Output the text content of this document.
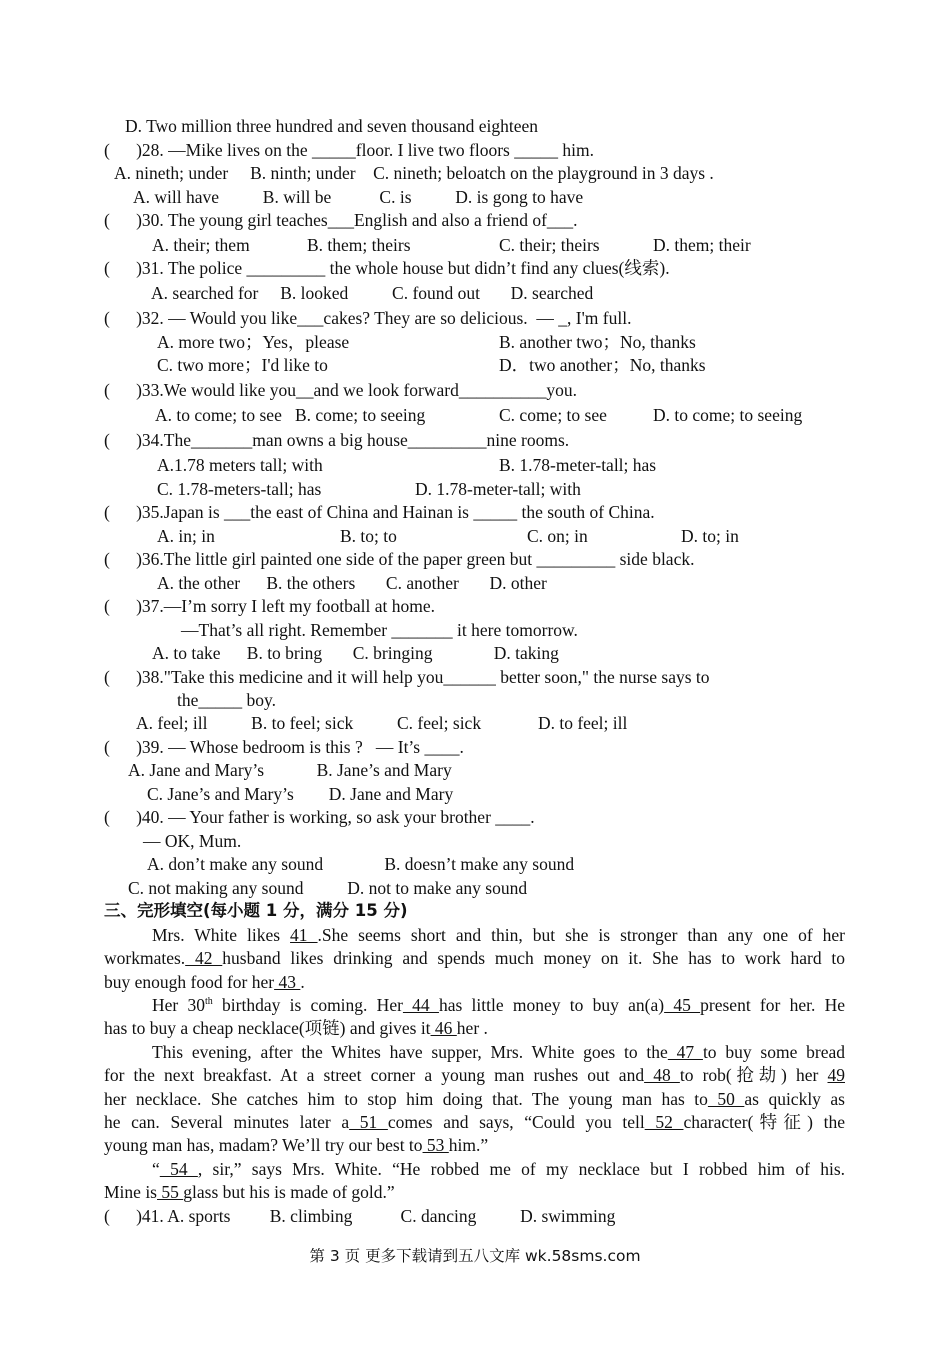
D. Two million three hundred and seven thousand eighteen
(      )28. —Mike lives on the _____floor. I live two floors _____ him.
A. nineth; under     B. ninth; under    C. nineth; beloatch on the playground in 3 days .
A. will have          B. will be           C. is          D. is gong to have
(      )30. The young girl teaches___English and also a friend of___.
A. their; them	B. them; theirs	C. their; theirs	D. them; their
(      )31. The police _________ the whole house but didn’t find any clues(线索).
A. searched for     B. looked          C. found out       D. searched
(      )32. — Would you like___cakes? They are so delicious.  — _, I'm full.
A. more two；Yes，please	B. another two；No, thanks
C. two more；I'd like to	D．two another；No, thanks
(      )33.We would like you__and we look forward__________you.
A. to come; to see   B. come; to seeing	C. come; to see	D. to come; to seeing
(      )34.The_______man owns a big house_________nine rooms.
A.1.78 meters tall; with	B. 1.78-meter-tall; has
C. 1.78-meters-tall; has	D. 1.78-meter-tall; with
(      )35.Japan is ___the east of China and Hainan is _____ the south of China.
A. in; in	B. to; to	C. on; in	D. to; in
(      )36.The little girl painted one side of the paper green but _________ side black.
A. the other      B. the others       C. another       D. other
(      )37.—I’m sorry I left my football at home.
—That’s all right. Remember _______ it here tomorrow.
A. to take      B. to bring       C. bringing              D. taking
(      )38."Take this medicine and it will help you______ better soon," the nurse says to
the_____ boy.
A. feel; ill          B. to feel; sick          C. feel; sick             D. to feel; ill
(      )39. — Whose bedroom is this ?   — It’s ____.
A. Jane and Mary’s            B. Jane’s and Mary
C. Jane’s and Mary’s        D. Jane and Mary
(      )40. — Your father is working, so ask your brother ____.
— OK, Mum.
A. don’t make any sound              B. doesn’t make any sound
C. not making any sound          D. not to make any sound
三、完形填空(每小题 1 分，满分 15 分)
Mrs. White likes 41 .She seems short and thin, but she is stronger than any one of her
workmates. 42 husband likes drinking and spends much money on it. She has to work hard to
buy enough food for her 43 .
Her 30th birthday is coming. Her 44 has little money to buy an(a) 45 present for her. He
has to buy a cheap necklace(项链) and gives it 46 her .
This evening, after the Whites have supper, Mrs. White goes to the 47 to buy some bread
for the next breakfast. At a street corner a young man rushes out and 48 to rob(抢劫) her 49
her necklace. She catches him to stop him doing that. The young man has to 50 as quickly as
he can. Several minutes later a 51 comes and says, “Could you tell 52 character(特征) the
young man has, madam? We’ll try our best to 53 him.”
“ 54 , sir,” says Mrs. White. “He robbed me of my necklace but I robbed him of his.
Mine is 55 glass but his is made of gold.”
(      )41. A. sports         B. climbing           C. dancing          D. swimming
第 3 页 更多下载请到五八文库 wk.58sms.com
